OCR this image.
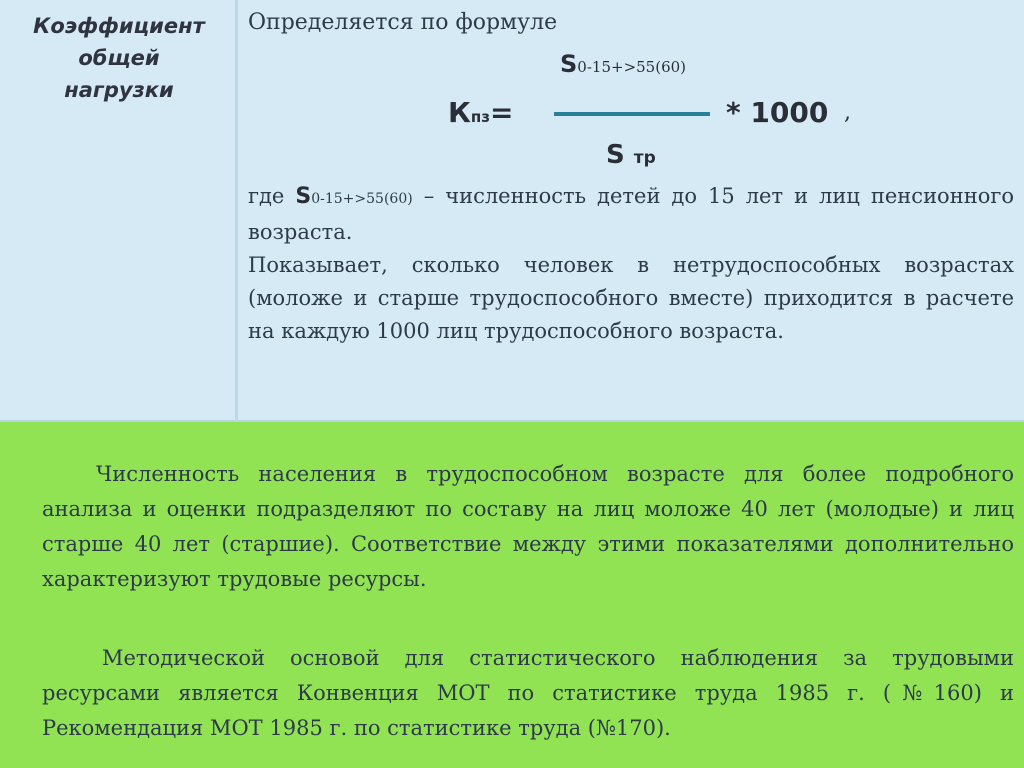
Коэффициент
общей
нагрузки
Определяется по формуле
S0-15+>55(60)
Кпз=	* 1000 ,
S тр

где S0-15+>55(60) – численность детей до 15 лет и лиц пенсионного возраста.

Показывает, сколько человек в нетрудоспособных возрастах (моложе и старше трудоспособного вместе) приходится в расчете на каждую 1000 лиц трудоспособного возраста.

Численность населения в трудоспособном возрасте для более подробного анализа и оценки подразделяют по составу на лиц моложе 40 лет (молодые) и лиц старше 40 лет (старшие). Соответствие между этими показателями дополнительно характеризуют трудовые ресурсы.

Методической основой для статистического наблюдения за трудовыми ресурсами является Конвенция МОТ по статистике труда 1985 г. (№160) и Рекомендация МОТ 1985 г. по статистике труда (№170).
